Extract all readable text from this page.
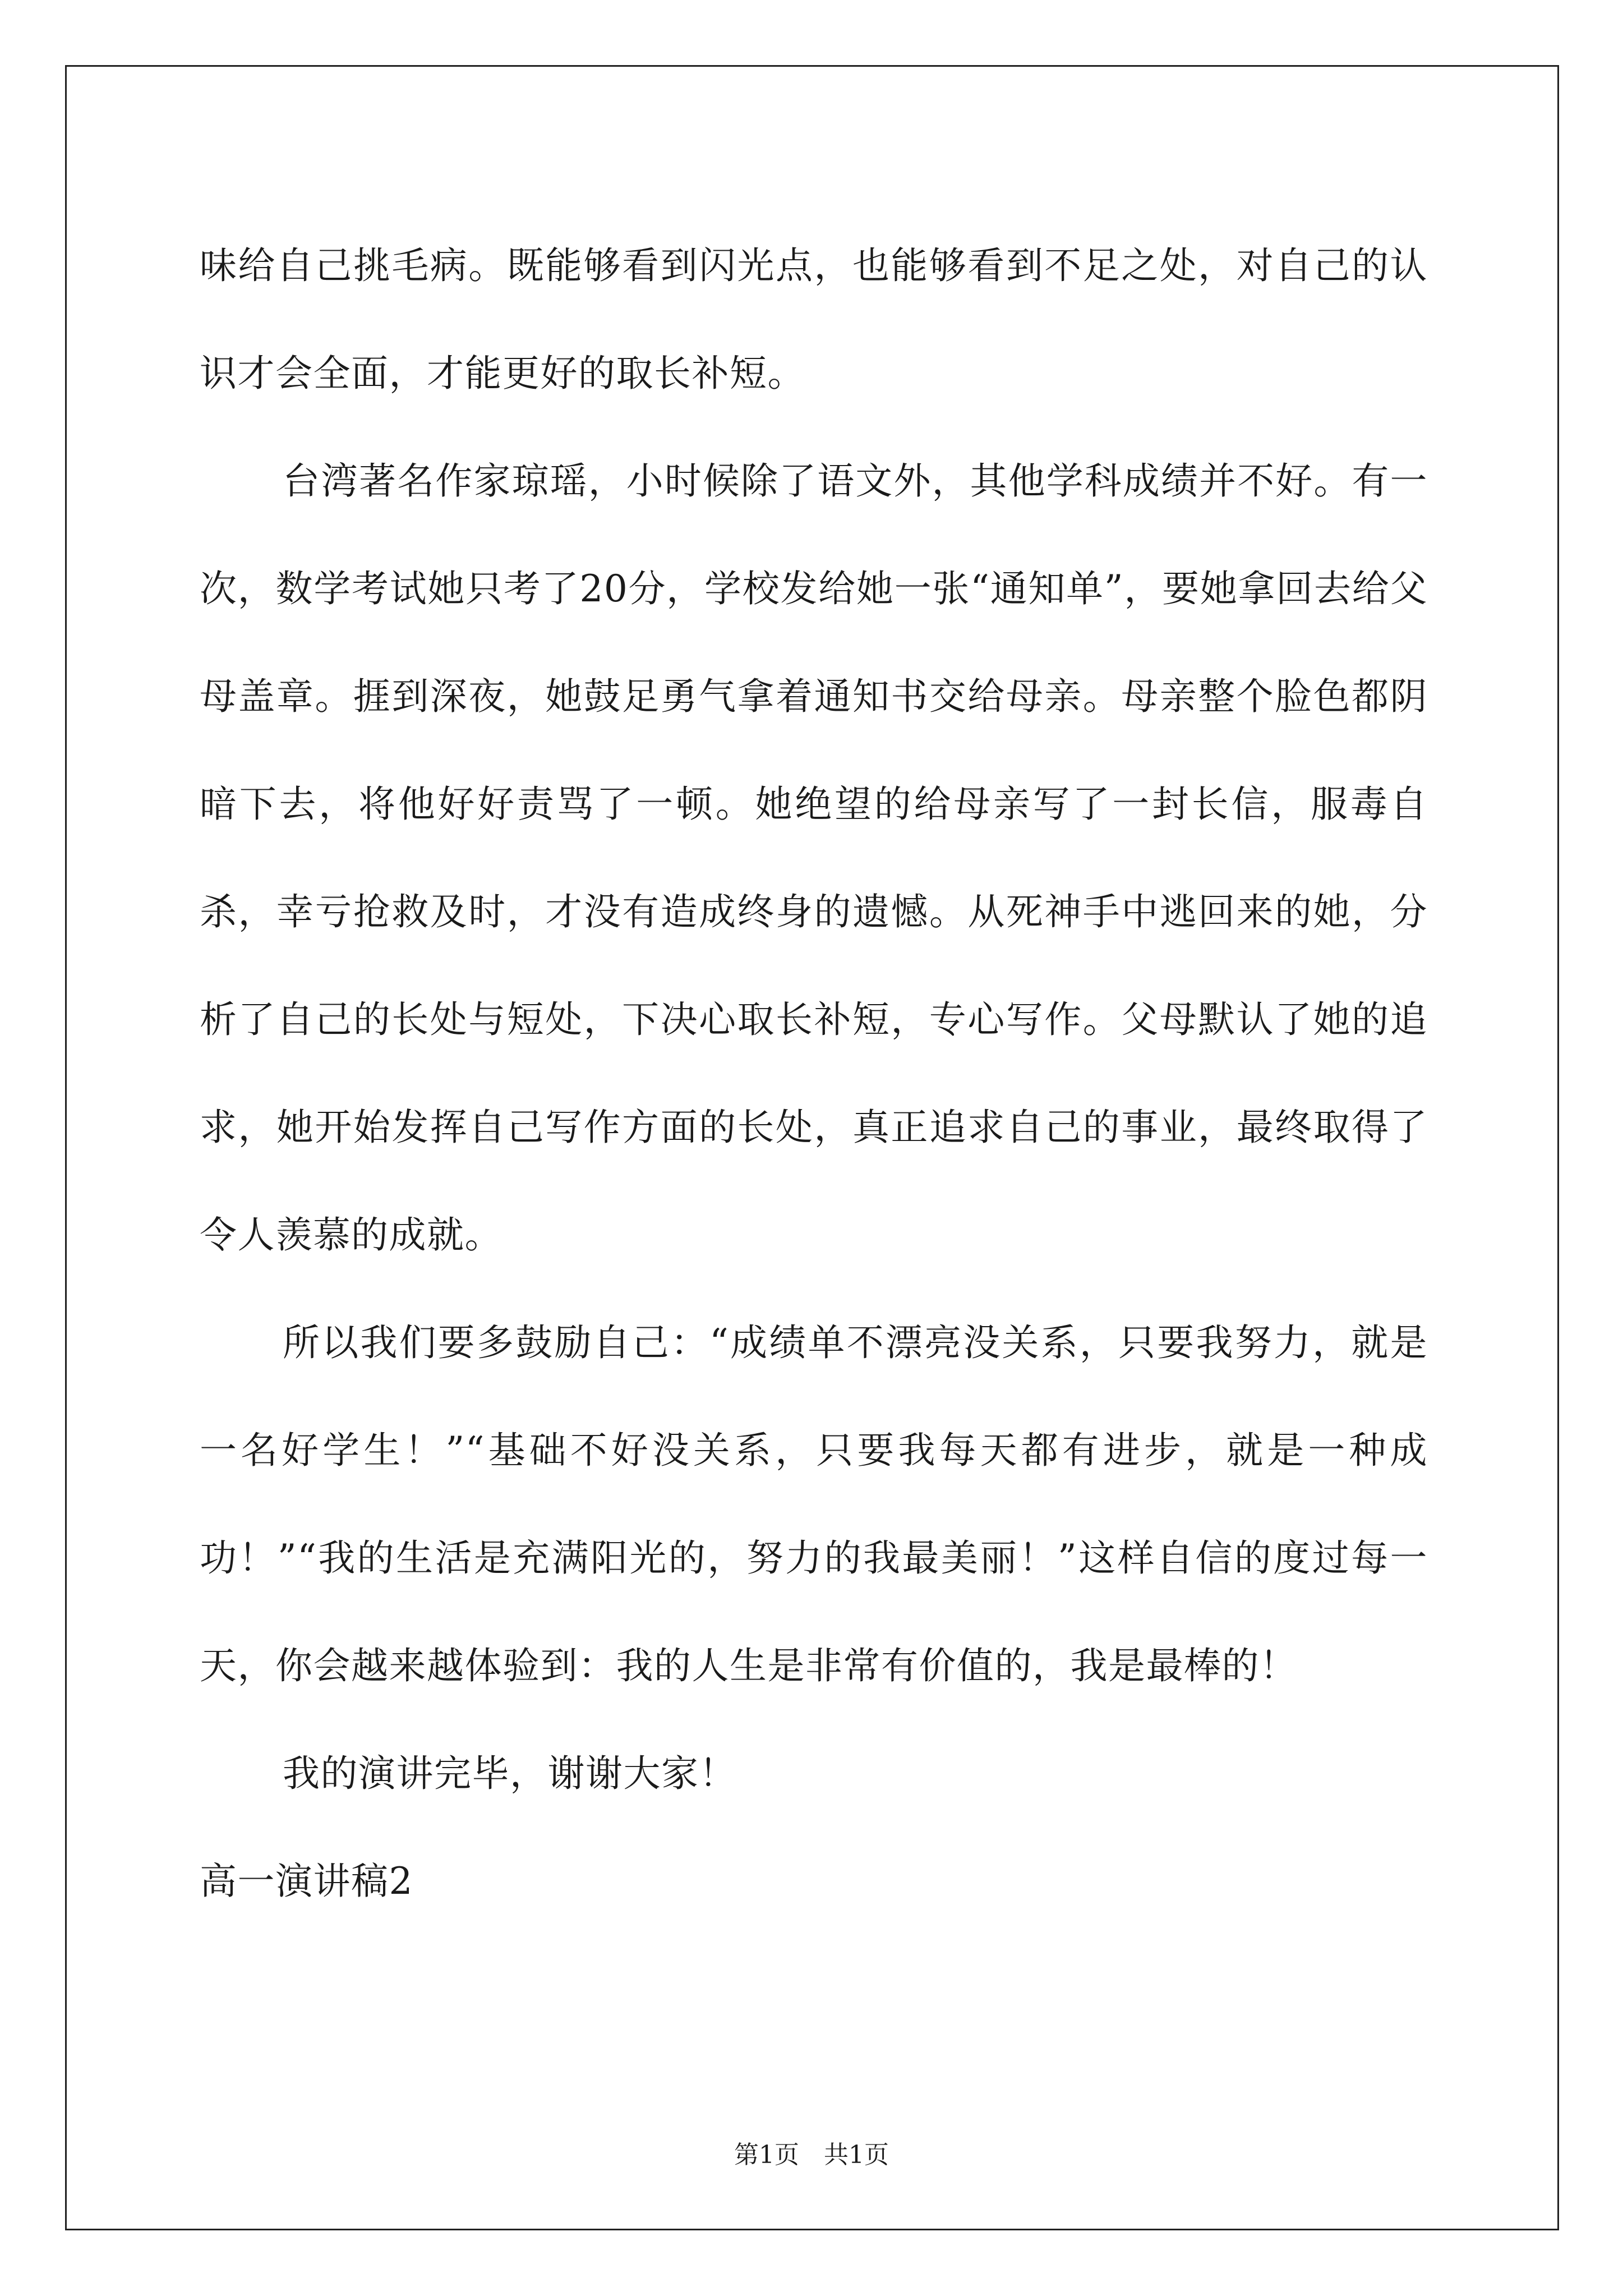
味给自己挑毛病。既能够看到闪光点，也能够看到不足之处，对自己的认识才会全面，才能更好的取长补短。

台湾著名作家琼瑶，小时候除了语文外，其他学科成绩并不好。有一次，数学考试她只考了20分，学校发给她一张“通知单”，要她拿回去给父母盖章。捱到深夜，她鼓足勇气拿着通知书交给母亲。母亲整个脸色都阴暗下去，将他好好责骂了一顿。她绝望的给母亲写了一封长信，服毒自杀，幸亏抢救及时，才没有造成终身的遗憾。从死神手中逃回来的她，分析了自己的长处与短处，下决心取长补短，专心写作。父母默认了她的追求，她开始发挥自己写作方面的长处，真正追求自己的事业，最终取得了令人羡慕的成就。

所以我们要多鼓励自己：“成绩单不漂亮没关系，只要我努力，就是一名好学生！”“基础不好没关系，只要我每天都有进步，就是一种成功！”“我的生活是充满阳光的，努力的我最美丽！”这样自信的度过每一天，你会越来越体验到：我的人生是非常有价值的，我是最棒的！

我的演讲完毕，谢谢大家！

高一演讲稿2

第1页 共1页
